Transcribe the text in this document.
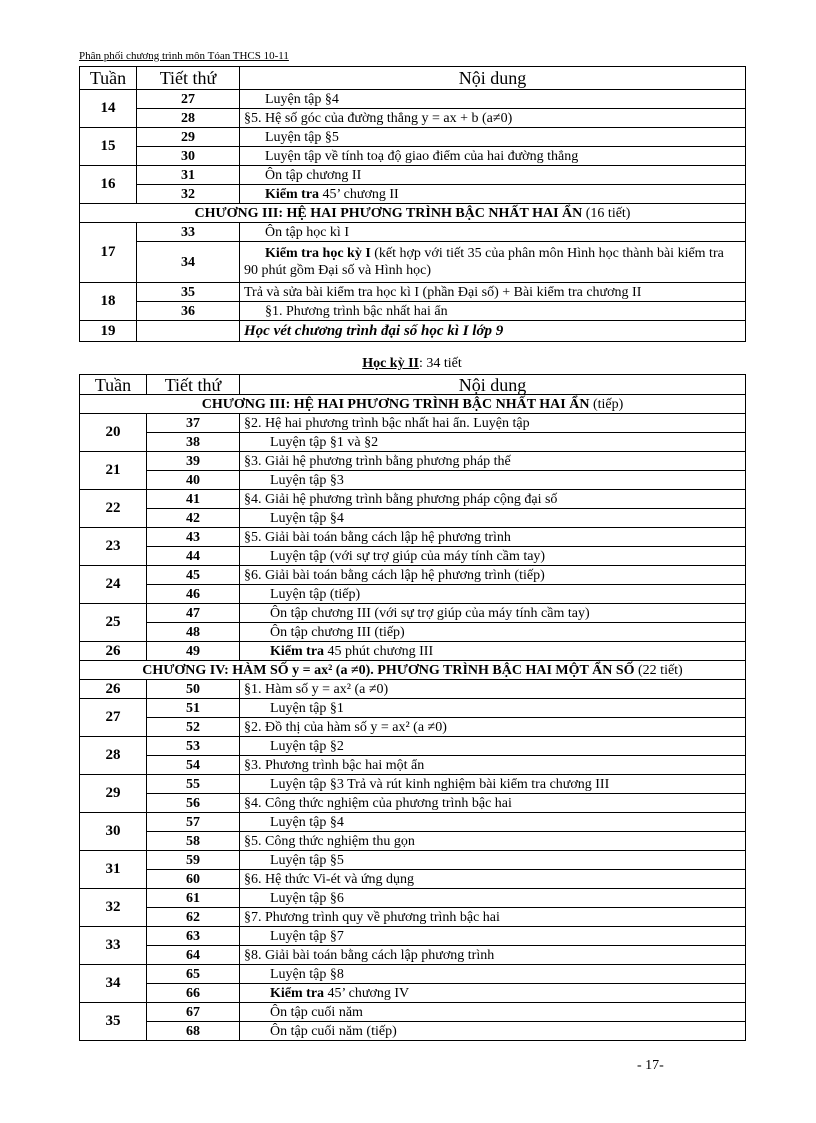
Phân phối chương trình môn Tóan THCS 10-11
Tuần	Tiết thứ	Nội dung
14	27	Luyện tập §4
	28	§5. Hệ số góc của đường thẳng y = ax + b (a≠0)
15	29	Luyện tập §5
	30	Luyện tập về tính toạ độ giao điểm của hai đường thẳng
16	31	Ôn tập chương II
	32	Kiểm tra 45’ chương II
CHƯƠNG III: HỆ HAI PHƯƠNG TRÌNH BẬC NHẤT HAI ẨN (16 tiết)		
17	33	Ôn tập học kì I
	34	Kiểm tra học kỳ I (kết hợp với tiết 35 của phân môn Hình học thành bài kiểm tra 90 phút gồm Đại số và Hình học)
18	35	Trả và sửa bài kiểm tra học kì I (phần Đại số) + Bài kiểm tra chương II
	36	§1. Phương trình bậc nhất hai ẩn
19		Học vét chương trình đại số học kì I lớp 9
Học kỳ II: 34 tiết
Tuần	Tiết thứ	Nội dung
CHƯƠNG III: HỆ HAI PHƯƠNG TRÌNH BẬC NHẤT HAI ẨN (tiếp)		
20	37	§2. Hệ hai phương trình bậc nhất hai ẩn. Luyện tập
	38	Luyện tập §1 và §2
21	39	§3. Giải hệ phương trình bằng phương pháp thế
	40	Luyện tập §3
22	41	§4. Giải hệ phương trình bằng phương pháp cộng đại số
	42	Luyện tập §4
23	43	§5. Giải bài toán bằng cách lập hệ phương trình
	44	Luyện tập (với sự trợ giúp của máy tính cầm tay)
24	45	§6. Giải bài toán bằng cách lập hệ phương trình (tiếp)
	46	Luyện tập (tiếp)
25	47	Ôn tập chương III (với sự trợ giúp của máy tính cầm tay)
	48	Ôn tập chương III (tiếp)
26	49	Kiểm tra 45 phút chương III
CHƯƠNG IV: HÀM SỐ y = ax² (a ≠0). PHƯƠNG TRÌNH BẬC HAI MỘT ẨN SỐ (22 tiết)		
26	50	§1. Hàm số y = ax² (a ≠0)
27	51	Luyện tập §1
	52	§2. Đồ thị của hàm số y = ax² (a ≠0)
28	53	Luyện tập §2
	54	§3. Phương trình bậc hai một ẩn
29	55	Luyện tập §3 Trả và rút kinh nghiệm bài kiểm tra chương III
	56	§4. Công thức nghiệm của phương trình bậc hai
30	57	Luyện tập §4
	58	§5. Công thức nghiệm thu gọn
31	59	Luyện tập §5
	60	§6. Hệ thức Vi-ét và ứng dụng
32	61	Luyện tập §6
	62	§7. Phương trình quy về phương trình bậc hai
33	63	Luyện tập §7
	64	§8. Giải bài toán bằng cách lập phương trình
34	65	Luyện tập §8
	66	Kiểm tra 45’ chương IV
35	67	Ôn tập cuối năm
	68	Ôn tập cuối năm (tiếp)
- 17-
